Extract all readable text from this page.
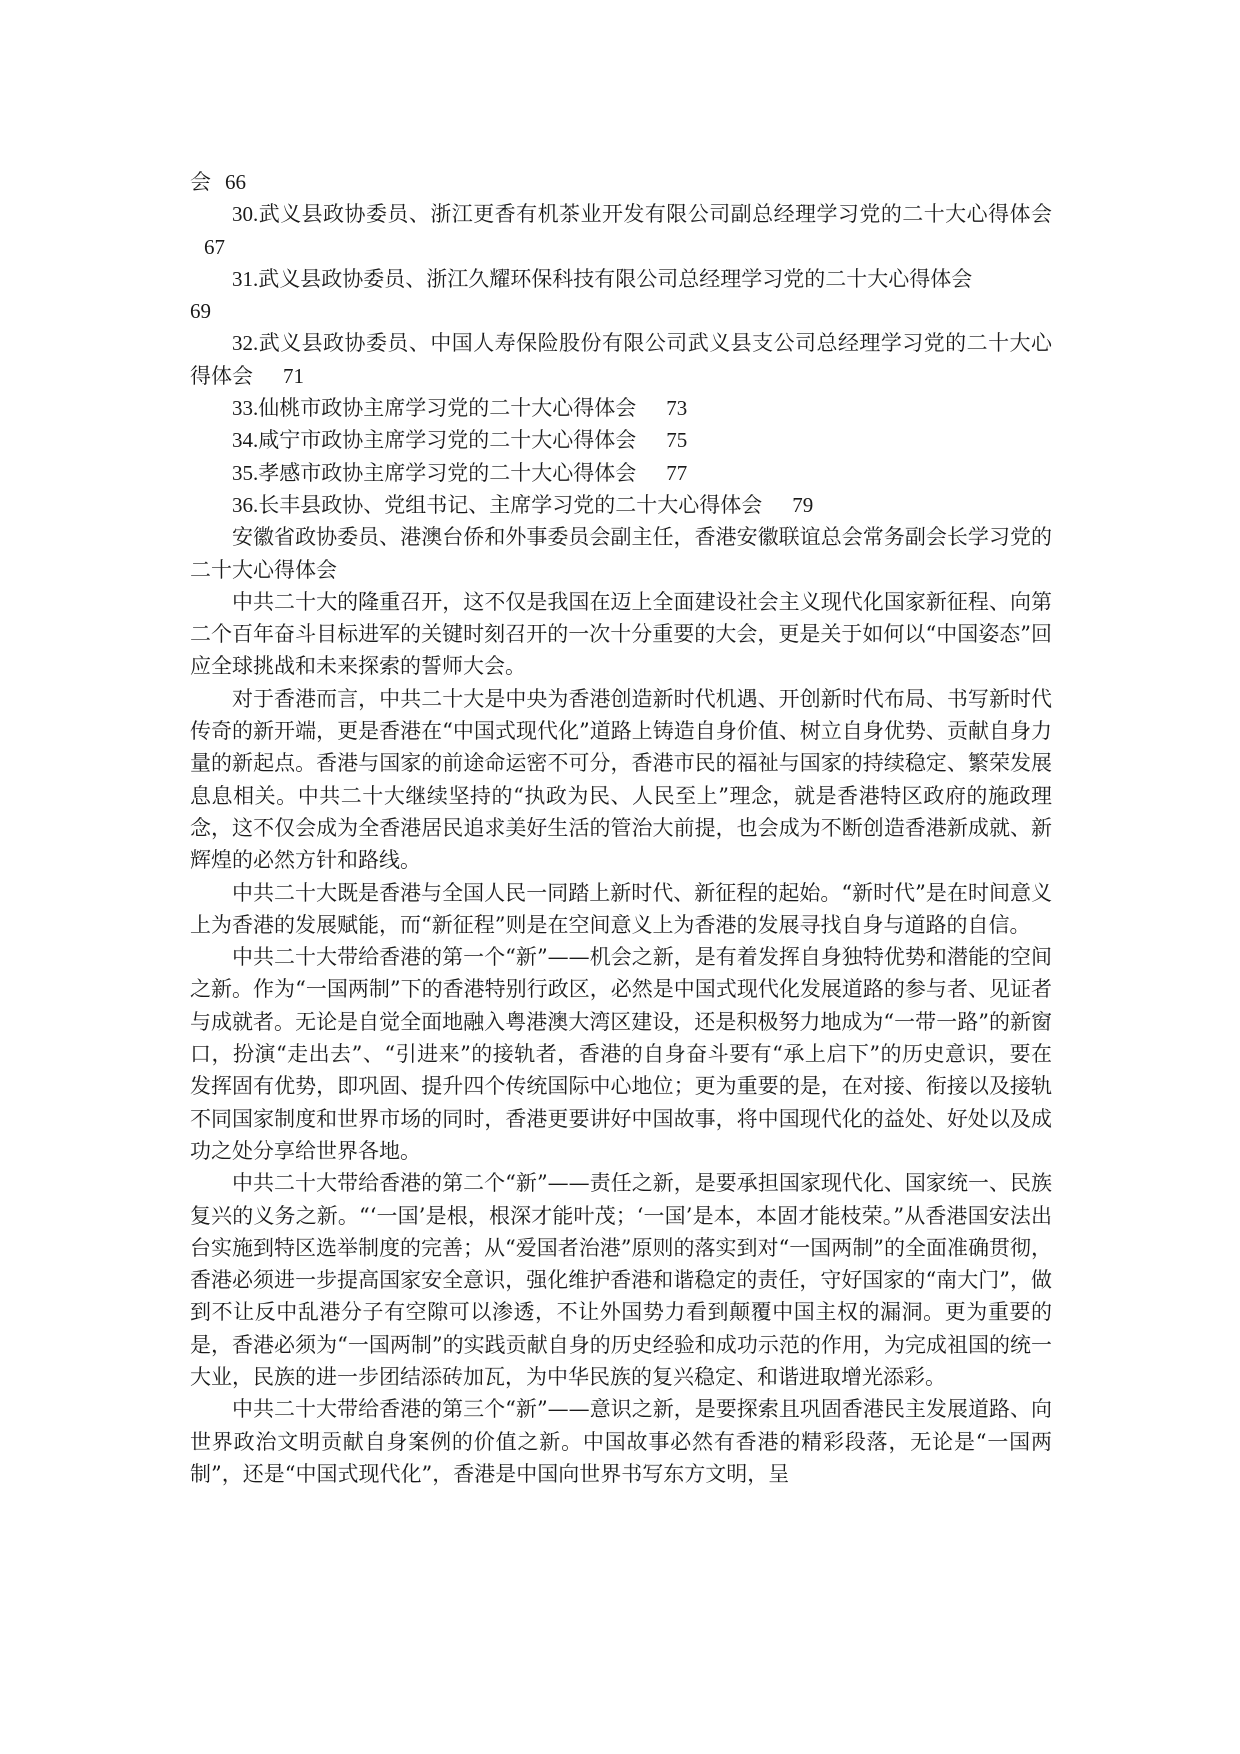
会 66

30.武义县政协委员、浙江更香有机茶业开发有限公司副总经理学习党的二十大心得体会67

31.武义县政协委员、浙江久耀环保科技有限公司总经理学习党的二十大心得体会
69

32.武义县政协委员、中国人寿保险股份有限公司武义县支公司总经理学习党的二十大心得体会 71

33.仙桃市政协主席学习党的二十大心得体会 73

34.咸宁市政协主席学习党的二十大心得体会 75

35.孝感市政协主席学习党的二十大心得体会 77

36.长丰县政协、党组书记、主席学习党的二十大心得体会 79

安徽省政协委员、港澳台侨和外事委员会副主任，香港安徽联谊总会常务副会长学习党的二十大心得体会

中共二十大的隆重召开，这不仅是我国在迈上全面建设社会主义现代化国家新征程、向第二个百年奋斗目标进军的关键时刻召开的一次十分重要的大会，更是关于如何以“中国姿态”回应全球挑战和未来探索的誓师大会。

对于香港而言，中共二十大是中央为香港创造新时代机遇、开创新时代布局、书写新时代传奇的新开端，更是香港在“中国式现代化”道路上铸造自身价值、树立自身优势、贡献自身力量的新起点。香港与国家的前途命运密不可分，香港市民的福祉与国家的持续稳定、繁荣发展息息相关。中共二十大继续坚持的“执政为民、人民至上”理念，就是香港特区政府的施政理念，这不仅会成为全香港居民追求美好生活的管治大前提，也会成为不断创造香港新成就、新辉煌的必然方针和路线。

中共二十大既是香港与全国人民一同踏上新时代、新征程的起始。“新时代”是在时间意义上为香港的发展赋能，而“新征程”则是在空间意义上为香港的发展寻找自身与道路的自信。

中共二十大带给香港的第一个“新”——机会之新，是有着发挥自身独特优势和潜能的空间之新。作为“一国两制”下的香港特别行政区，必然是中国式现代化发展道路的参与者、见证者与成就者。无论是自觉全面地融入粤港澳大湾区建设，还是积极努力地成为“一带一路”的新窗口，扮演“走出去”、“引进来”的接轨者，香港的自身奋斗要有“承上启下”的历史意识，要在发挥固有优势，即巩固、提升四个传统国际中心地位；更为重要的是，在对接、衔接以及接轨不同国家制度和世界市场的同时，香港更要讲好中国故事，将中国现代化的益处、好处以及成功之处分享给世界各地。

中共二十大带给香港的第二个“新”——责任之新，是要承担国家现代化、国家统一、民族复兴的义务之新。“‘一国’是根，根深才能叶茂；‘一国’是本，本固才能枝荣。”从香港国安法出台实施到特区选举制度的完善；从“爱国者治港”原则的落实到对“一国两制”的全面准确贯彻，香港必须进一步提高国家安全意识，强化维护香港和谐稳定的责任，守好国家的“南大门”，做到不让反中乱港分子有空隙可以渗透，不让外国势力看到颠覆中国主权的漏洞。更为重要的是，香港必须为“一国两制”的实践贡献自身的历史经验和成功示范的作用，为完成祖国的统一大业，民族的进一步团结添砖加瓦，为中华民族的复兴稳定、和谐进取增光添彩。

中共二十大带给香港的第三个“新”——意识之新，是要探索且巩固香港民主发展道路、向世界政治文明贡献自身案例的价值之新。中国故事必然有香港的精彩段落，无论是“一国两制”，还是“中国式现代化”，香港是中国向世界书写东方文明，呈
